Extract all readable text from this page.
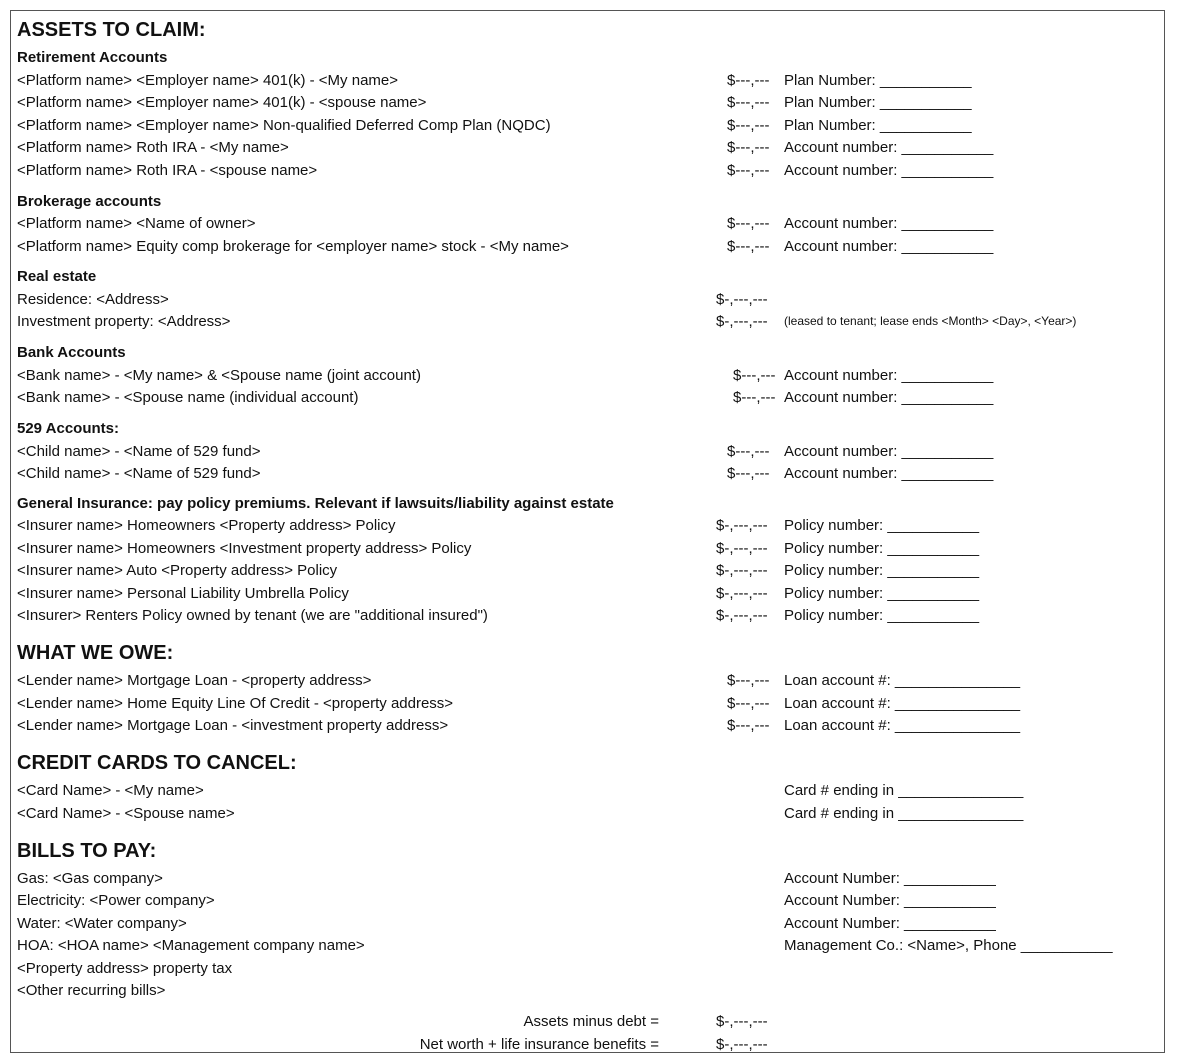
ASSETS TO CLAIM:
Retirement Accounts
<Platform name> <Employer name> 401(k) - <My name>	$---,--- Plan Number: ___________
<Platform name> <Employer name> 401(k) - <spouse name>	$---,--- Plan Number: ___________
<Platform name> <Employer name> Non-qualified Deferred Comp Plan (NQDC)	$---,--- Plan Number: ___________
<Platform name> Roth IRA - <My name>	$---,--- Account number: ___________
<Platform name> Roth IRA - <spouse name>	$---,--- Account number: ___________
Brokerage accounts
<Platform name> <Name of owner>	$---,--- Account number: ___________
<Platform name> Equity comp brokerage for <employer name> stock - <My name>	$---,--- Account number: ___________
Real estate
Residence: <Address>	$-,---,---
Investment property: <Address>	$-,---,--- (leased to tenant; lease ends <Month> <Day>, <Year>)
Bank Accounts
<Bank name> - <My name> & <Spouse name (joint account)	$---,--- Account number: ___________
<Bank name> - <Spouse name (individual account)	$---,--- Account number: ___________
529 Accounts:
<Child name> - <Name of 529 fund>	$---,--- Account number: ___________
<Child name> - <Name of 529 fund>	$---,--- Account number: ___________
General Insurance: pay policy premiums. Relevant if lawsuits/liability against estate
<Insurer name> Homeowners <Property address> Policy	$-,---,--- Policy number: ___________
<Insurer name> Homeowners <Investment property address> Policy	$-,---,--- Policy number: ___________
<Insurer name> Auto <Property address> Policy	$-,---,--- Policy number: ___________
<Insurer name> Personal Liability Umbrella Policy	$-,---,--- Policy number: ___________
<Insurer> Renters Policy owned by tenant (we are "additional insured")	$-,---,--- Policy number: ___________
WHAT WE OWE:
<Lender name> Mortgage Loan - <property address>	$---,--- Loan account #: _______________
<Lender name> Home Equity Line Of Credit - <property address>	$---,--- Loan account #: _______________
<Lender name> Mortgage Loan - <investment property address>	$---,--- Loan account #: _______________
CREDIT CARDS TO CANCEL:
<Card Name> - <My name>	Card # ending in _______________
<Card Name> - <Spouse name>	Card # ending in _______________
BILLS TO PAY:
Gas: <Gas company>	Account Number: ___________
Electricity: <Power company>	Account Number: ___________
Water: <Water company>	Account Number: ___________
HOA: <HOA name> <Management company name>	Management Co.: <Name>, Phone ___________
<Property address> property tax
<Other recurring bills>
Assets minus debt =	$-,---,---
Net worth + life insurance benefits =	$-,---,---
